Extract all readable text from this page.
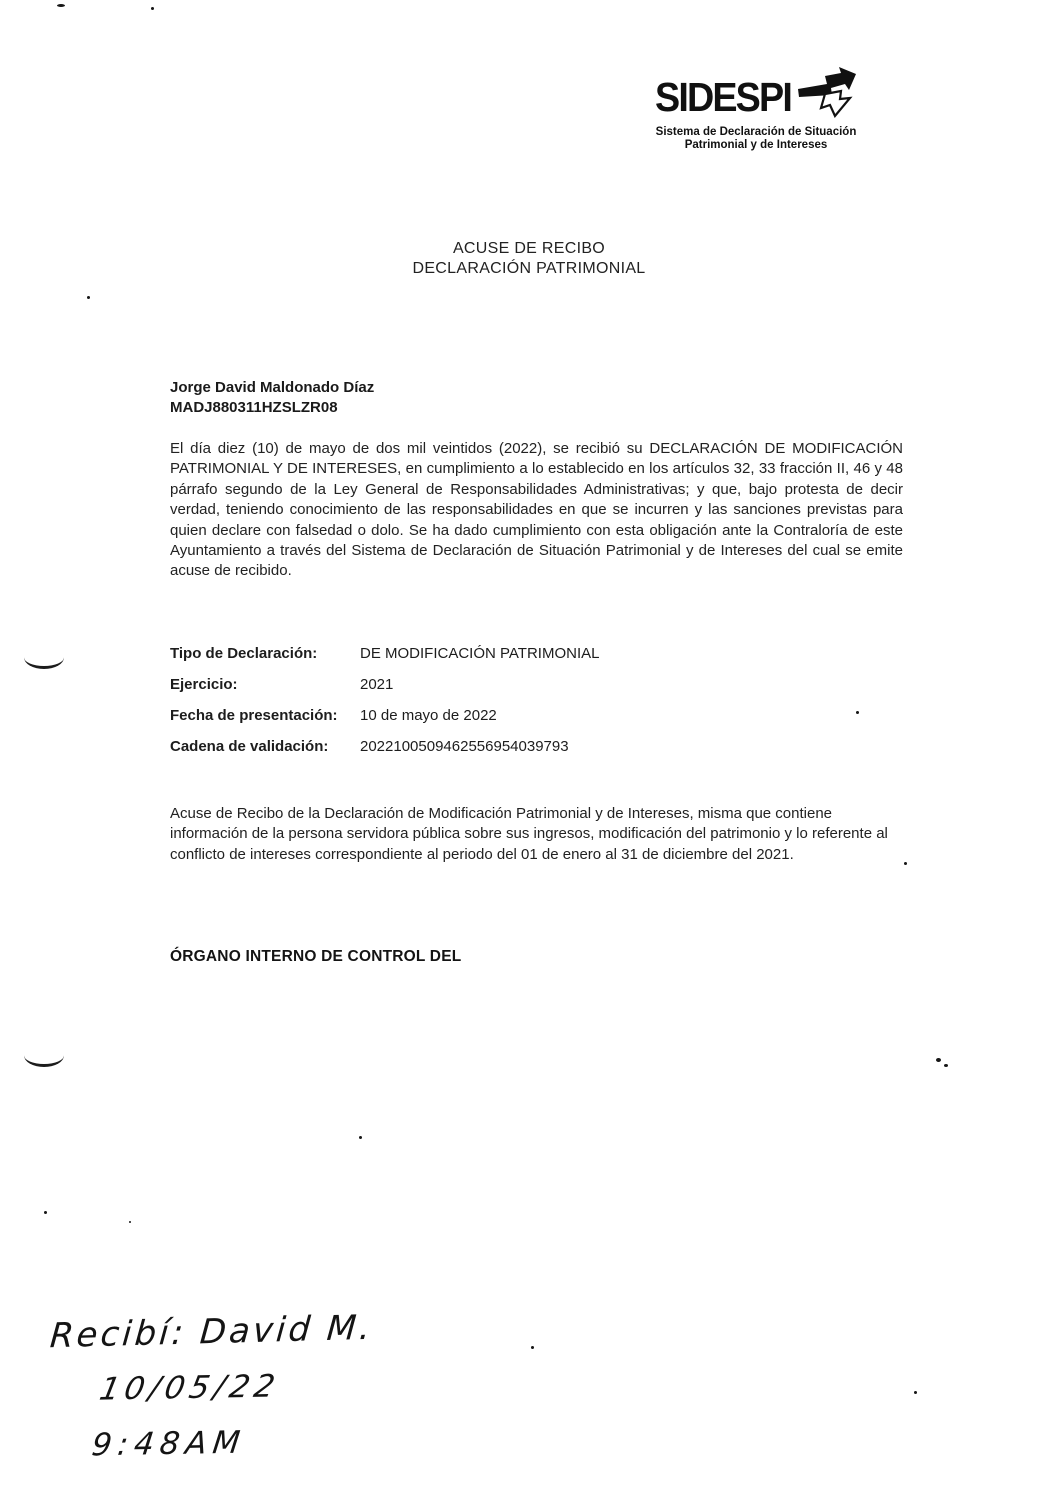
SIDESPI
Sistema de Declaración de Situación
Patrimonial y de Intereses
ACUSE DE RECIBO
DECLARACIÓN PATRIMONIAL
Jorge David Maldonado Díaz
MADJ880311HZSLZR08
El día diez (10) de mayo de dos mil veintidos (2022), se recibió su DECLARACIÓN DE MODIFICACIÓN PATRIMONIAL Y DE INTERESES, en cumplimiento a lo establecido en los artículos 32, 33 fracción II, 46 y 48 párrafo segundo de la Ley General de Responsabilidades Administrativas; y que, bajo protesta de decir verdad, teniendo conocimiento de las responsabilidades en que se incurren y las sanciones previstas para quien declare con falsedad o dolo. Se ha dado cumplimiento con esta obligación ante la Contraloría de este Ayuntamiento a través del Sistema de Declaración de Situación Patrimonial y de Intereses del cual se emite acuse de recibido.
Tipo de Declaración:	DE MODIFICACIÓN PATRIMONIAL
Ejercicio:	2021
Fecha de presentación:	10 de mayo de 2022
Cadena de validación:	2022100509462556954039793
Acuse de Recibo de la Declaración de Modificación Patrimonial y de Intereses, misma que contiene información de la persona servidora pública sobre sus ingresos, modificación del patrimonio y lo referente al conflicto de intereses correspondiente al periodo del 01 de enero al 31 de diciembre del 2021.
ÓRGANO INTERNO DE CONTROL DEL
Recibí: David M.
10/05/22
9:48AM
